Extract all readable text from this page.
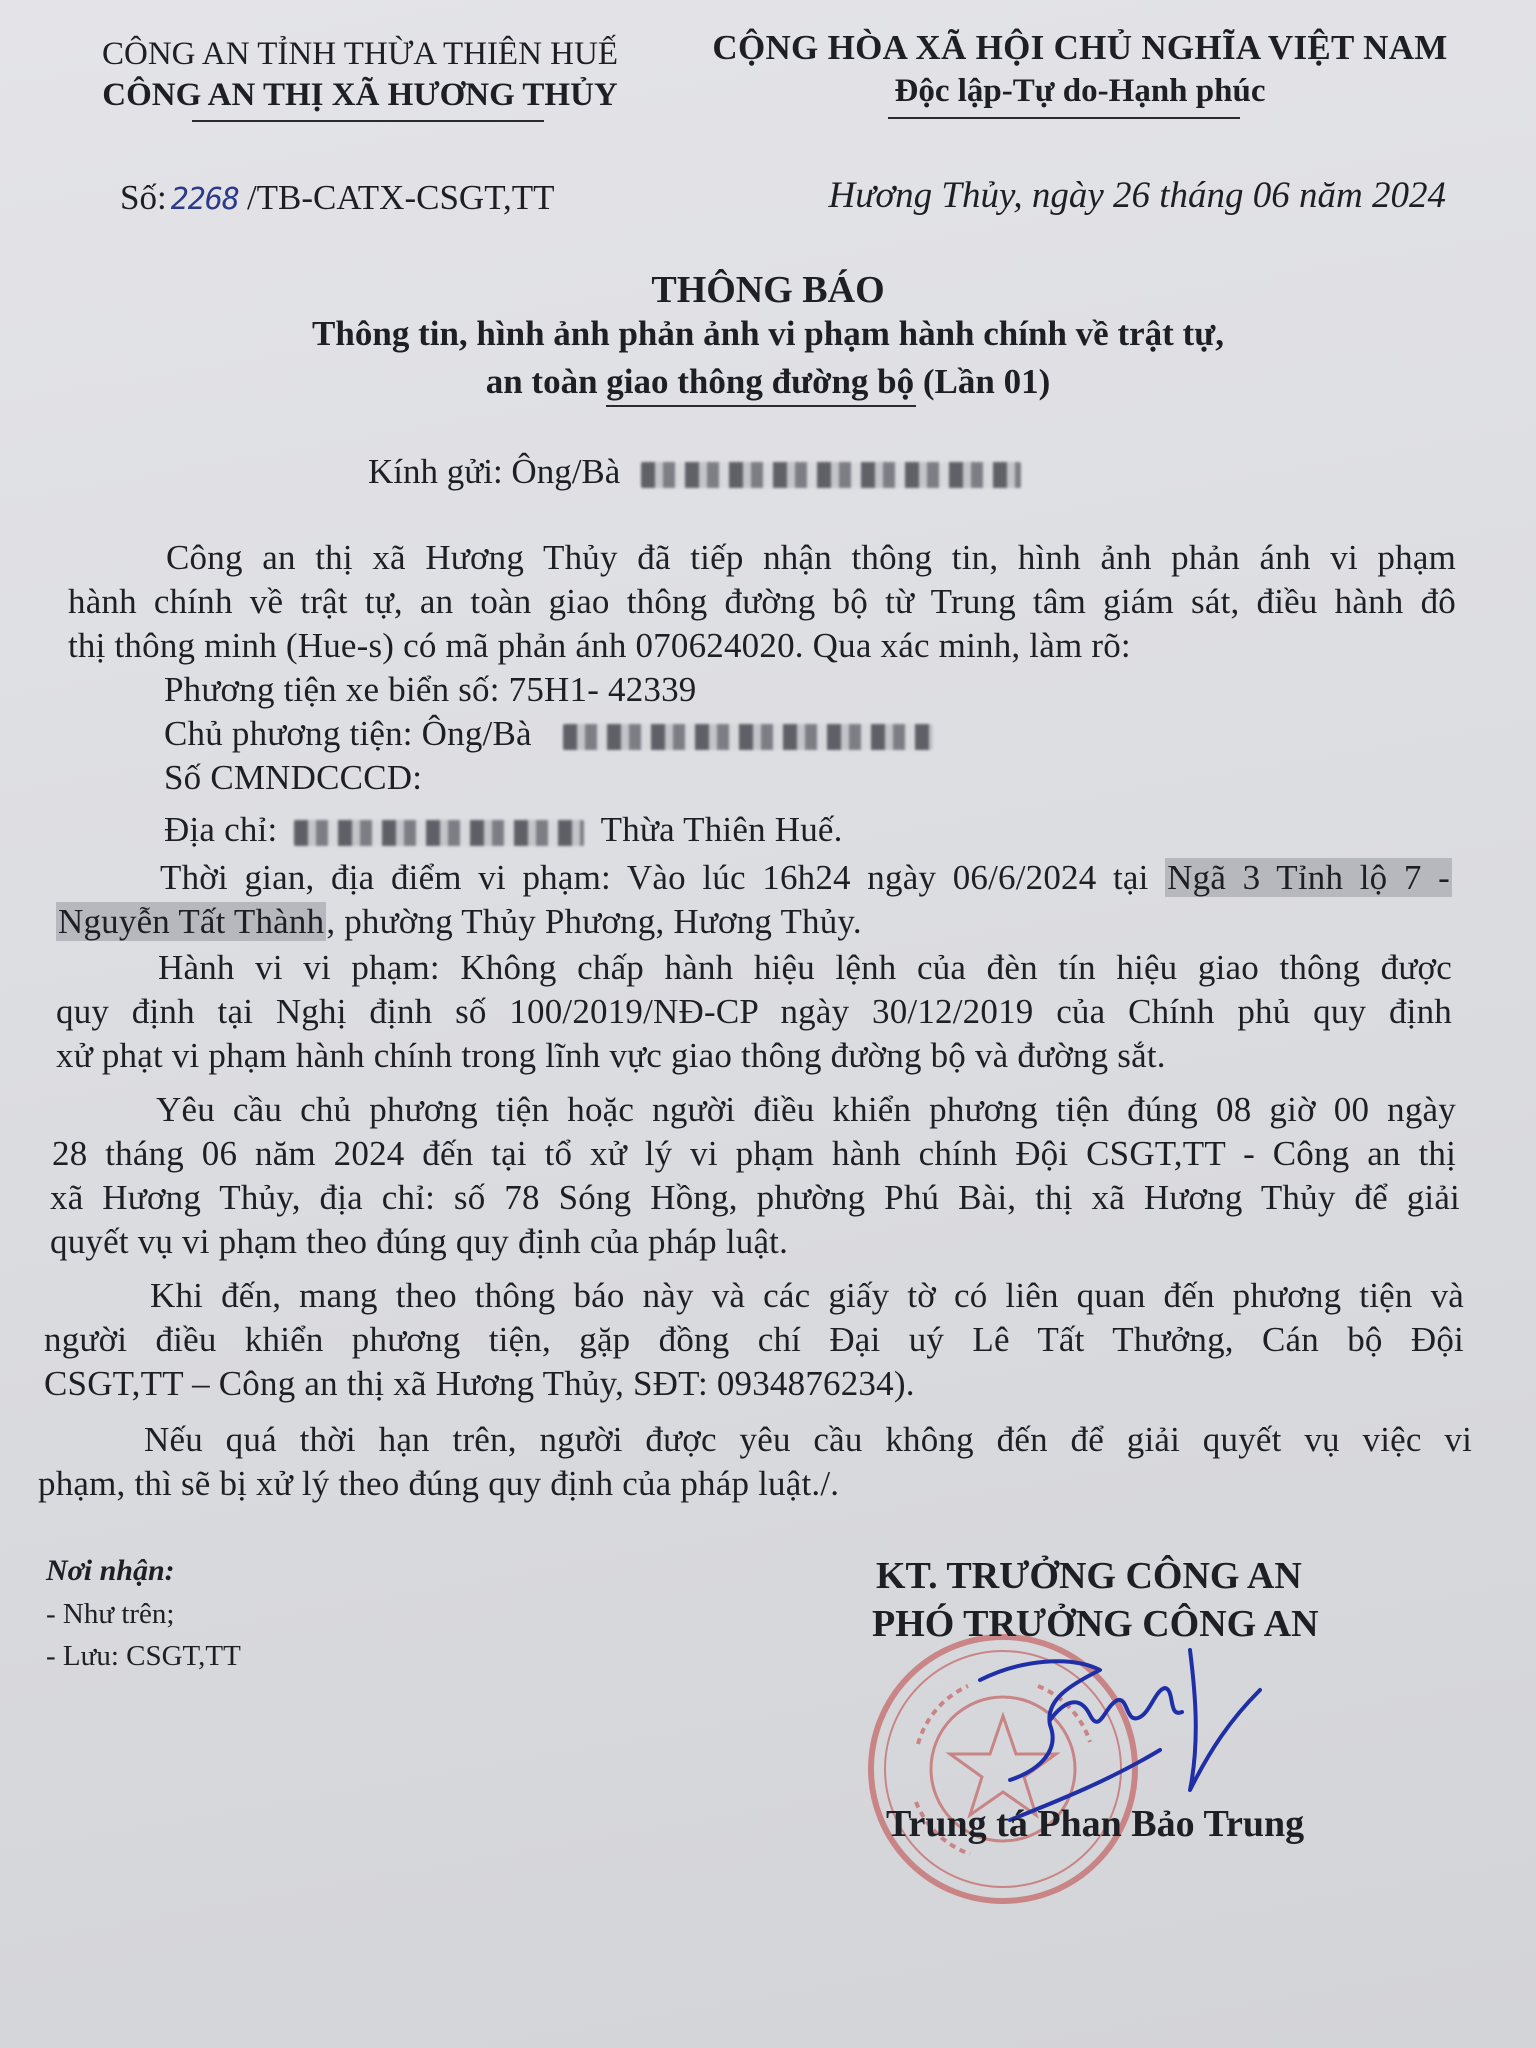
CÔNG AN TỈNH THỪA THIÊN HUẾ
CÔNG AN THỊ XÃ HƯƠNG THỦY
CỘNG HÒA XÃ HỘI CHỦ NGHĨA VIỆT NAM
Độc lập-Tự do-Hạnh phúc
Số: 2268 /TB-CATX-CSGT,TT	Hương Thủy, ngày 26 tháng 06 năm 2024
THÔNG BÁO
Thông tin, hình ảnh phản ảnh vi phạm hành chính về trật tự,
an toàn giao thông đường bộ (Lần 01)
Kính gửi: Ông/Bà
Công an thị xã Hương Thủy đã tiếp nhận thông tin, hình ảnh phản ánh vi phạm
hành chính về trật tự, an toàn giao thông đường bộ từ Trung tâm giám sát, điều hành đô
thị thông minh (Hue-s) có mã phản ánh 070624020. Qua xác minh, làm rõ:
Phương tiện xe biển số: 75H1- 42339
Chủ phương tiện: Ông/Bà
Số CMNDCCCD:
Địa chỉ:	Thừa Thiên Huế.
Thời gian, địa điểm vi phạm: Vào lúc 16h24 ngày 06/6/2024 tại Ngã 3 Tỉnh lộ 7 -
Nguyễn Tất Thành, phường Thủy Phương, Hương Thủy.
Hành vi vi phạm: Không chấp hành hiệu lệnh của đèn tín hiệu giao thông được
quy định tại Nghị định số 100/2019/NĐ-CP ngày 30/12/2019 của Chính phủ quy định
xử phạt vi phạm hành chính trong lĩnh vực giao thông đường bộ và đường sắt.
Yêu cầu chủ phương tiện hoặc người điều khiển phương tiện đúng 08 giờ 00 ngày
28 tháng 06 năm 2024 đến tại tổ xử lý vi phạm hành chính Đội CSGT,TT - Công an thị
xã Hương Thủy, địa chỉ: số 78 Sóng Hồng, phường Phú Bài, thị xã Hương Thủy để giải
quyết vụ vi phạm theo đúng quy định của pháp luật.
Khi đến, mang theo thông báo này và các giấy tờ có liên quan đến phương tiện và
người điều khiển phương tiện, gặp đồng chí Đại uý Lê Tất Thưởng, Cán bộ Đội
CSGT,TT – Công an thị xã Hương Thủy, SĐT: 0934876234).
Nếu quá thời hạn trên, người được yêu cầu không đến để giải quyết vụ việc vi
phạm, thì sẽ bị xử lý theo đúng quy định của pháp luật./.
Nơi nhận:
- Như trên;
- Lưu: CSGT,TT
KT. TRƯỞNG CÔNG AN
PHÓ TRƯỞNG CÔNG AN
Trung tá Phan Bảo Trung
